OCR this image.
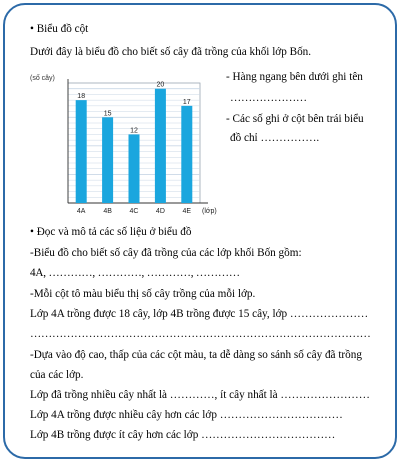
• Biểu đồ cột
Dưới đây là biểu đồ cho biết số cây đã trồng của khối lớp Bốn.
- Hàng ngang bên dưới ghi tên
…………………
- Các số ghi ở cột bên trái biểu
đồ chỉ …………….
(số cây)
18
4A
15
4B
12
4C
20
4D
17
4E (lớp)
• Đọc và mô tả các số liệu ở biểu đồ
-Biểu đồ cho biết số cây đã trồng của các lớp khối Bốn gồm:
4A, …………, …………, …………, …………
-Mỗi cột tô màu biểu thị số cây trồng của mỗi lớp.
Lớp 4A trồng được 18 cây, lớp 4B trồng được 15 cây, lớp …………………
…………………………………………………………………………………
-Dựa vào độ cao, thấp của các cột màu, ta dễ dàng so sánh số cây đã trồng
của các lớp.
Lớp đã trồng nhiều cây nhất là …………, ít cây nhất là ……………………
Lớp 4A trồng được nhiều cây hơn các lớp ……………………………
Lớp 4B trồng được ít cây hơn các lớp ………………………………
